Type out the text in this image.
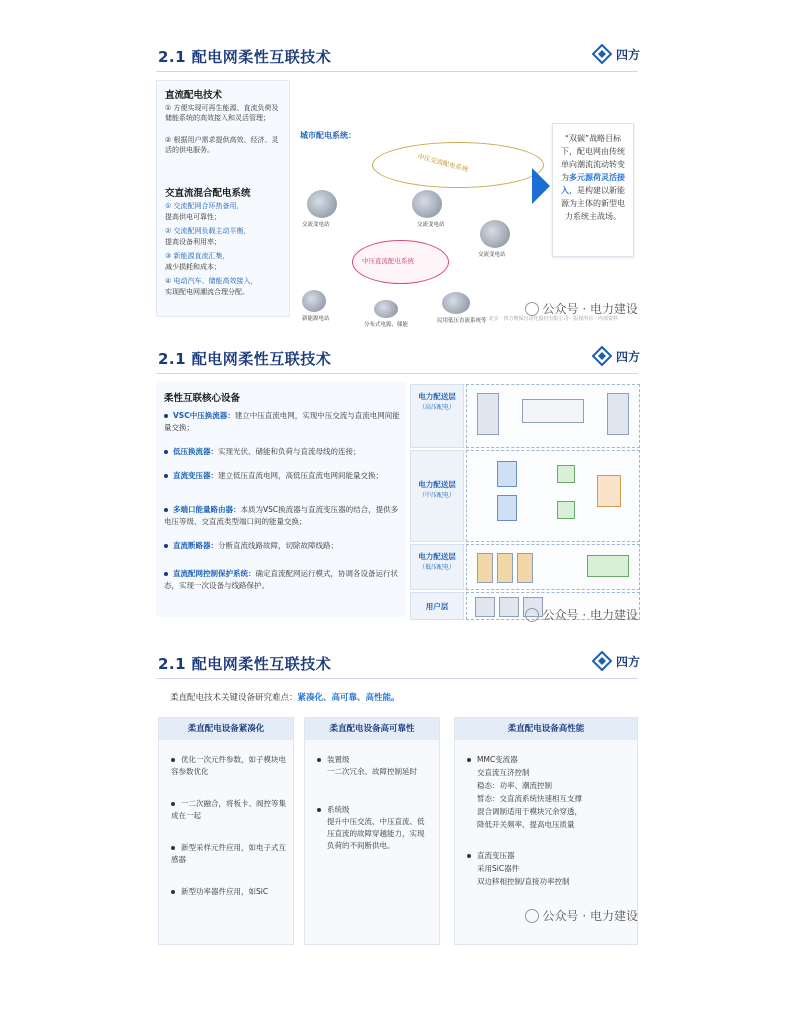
2.1 配电网柔性互联技术	四方
直流配电技术
① 方便实现可再生能源、直流负荷及储能系统的高效接入和灵活管理；
② 根据用户需求提供高效、经济、灵活的供电服务。
交直流混合配电系统
① 交流配网合环热备用，
提高供电可靠性；
② 交流配网负载主动平衡，
提高设备利用率；
③ 新能源直流汇集，
减少损耗和成本；
④ 电动汽车、储能高效接入，
实现配电网潮流合理分配。
城市配电系统：
中压交流配电系统
中压直流配电系统
交流变电站	交流变电站
交流变电站
新能源电站
分布式电源、储能
民用低压直流系统等

“双碳”战略目标下，配电网由传统单向潮流流动转变为多元源荷灵活接入，是构建以新能源为主体的新型电力系统主战场。

公众号 · 电力建设
北京 · 四方继保自动化股份有限公司 · 版权所有 · 内部资料
2.1 配电网柔性互联技术	四方
柔性互联核心设备
VSC中压换流器：建立中压直流电网，实现中压交流与直流电网间能量交换；
低压换流器：实现光伏、储能和负荷与直流母线的连接；
直流变压器：建立低压直流电网，高低压直流电网间能量交换；
多端口能量路由器：本质为VSC换流器与直流变压器的结合，提供多电压等级、交直流类型端口间的能量交换；
直流断路器：分断直流线路故障，切除故障线路；
直流配网控制保护系统：确定直流配网运行模式，协调各设备运行状态，实现一次设备与线路保护。
电力配送层
（高压配电）
电力配送层
（中压配电）
电力配送层
（低压配电）
用户层
公众号 · 电力建设
2.1 配电网柔性互联技术	四方
柔直配电技术关键设备研究难点：紧凑化、高可靠、高性能。
柔直配电设备紧凑化
优化一次元件参数，如子模块电容参数优化
一二次融合，将板卡、阀控等集成在一起
新型采样元件应用，如电子式互感器
新型功率器件应用，如SiC
柔直配电设备高可靠性
装置级
一二次冗余、故障控制延时
系统级
提升中压交流、中压直流、低压直流的故障穿越能力，实现负荷的不间断供电。
柔直配电设备高性能
MMC变流器
交直流互济控制
稳态：功率、潮流控制
暂态：交直流系统快速相互支撑
混合调制适用于模块冗余穿透，
降低开关频率、提高电压质量
直流变压器
采用SiC器件
双边移相控制/直接功率控制
公众号 · 电力建设
